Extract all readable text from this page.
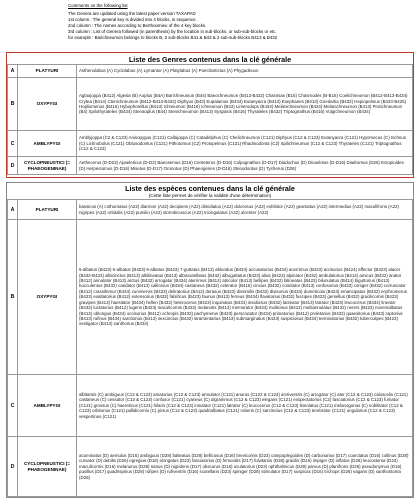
Comments on the following list
The Genera are updated using the latest paper version TAXAPAD
1st column : The general key is divided into 4 blocks, in sequence.
2nd column : The names according to Berthoumieu of the 4 key blocks.
3rd column : List of Genera followed (in parenthesis) by the location in sub-blocks, or sub-sub-blocks or etc.
for example : Barichneumon belongs to blocks B, 2 sub-blocks B41 & B43 & 2 sub-sub-blocks B413 & B432
Liste des Genres contenus dans la clé générale
A	PLATYURI	Asthenolabus (A) Cyclolabus (A) Lymantor (A) Platylabus (A) Poecilostictus (A) Phygadeuon
B	OXYPYGI	Aglaojoppa (B412) Algesia (B) Aoplus (B4A) Barichneumon (B44) Baeochneumon (B413-B432) Chasmias (B16) Chasmodes (B-B16) Coelichneumon (B412-B413-B434) Crytea (B414) Ctenichneumon (B412-B413-B432) Diphyus (B43) Eupalamus (B434) Eutanyacra (B413) Exephanes (B413) Goedartia (B432) Hepiopelmus (B423-B425) Hoplismenus (B416) Hybophorellus (B413) Ichneumon (B416) Ichneumon (B43) Limerodops (B434) Melanichneumon (B424) Melanichneumon (B413) Protichneumon (B4) Spilothyrateles (B434) Stenaoplus (B44) Stenichneumon (B413) Syspasis (B416) Thyrateles (B432) Triptognathus (B416) Vulgichneumon (B434)
C	AMBLYPYGI	Amblyjoppa (C2 & C123) Anisopygus (C121) Callajoppa (C) Catadelphus (C) Chelichneumon (C121) Diphyus (C12 & C123) Eutanyacra (C121) Hypomecus (C) Ischnus (C) Lichnobolus (C121) Obtusodontus (C121) Pithotomus (C2) Protopelmus (C121) Rhadinodonta (C2) Spilichneumon (C12 & C123) Thyrateles (C121) Triptognathus (C12 & C123)
D	CYCLOPNEUSTICI (= PHAEOGENINAE)	Aethecerus (D-D23) Apaeleticus (D-D2) Baeosemus (D16) Centeterus (D-D16) Colpognathus (D-D17) Diadochus (D) Dicaelotus (D-D16) Diadromus (D26) Ectopioides (D) Herpestomus (D-D16) Misetus (D-D17) Oronotus (D) Phaeogenes (D-D16) Stenodontus (D) Tycherus (D28)
Liste des espèces contenues dans la clé générale
(Cette liste permet de vérifier la validité d'une détermination)
A	PLATYURI	bassicus (A) cothurnatus (A22) diarmon (A22) decipiens (A22) dimidiatus (A22) dolorosus (A22) exhibitor (A22) geamatus (A22) intermedius (A22) maculifrons (A22) nigripes (A22) orbitalis (A22) pumilio (A22) stormbicuscus (A22) tricingulatus (A22) ulcenter (A22)
B	OXYPYGI	5-albatus (B423) 6-albatus (B423) 6-albatus (B423) 7-guttatus (B413) ablundus (B434) accusatorius (B434) acerrimus (B423) acrisorius (B424) affector (B423) alacer (B432-B433) albicinctus (B413) albilineatus (B413) albiscutellatus (B432) alboguttatus (B423) alius (B423) alpinator (B432) ambulatorius (B414) amicus (B432) anator (B412) annulator (B413) arctus (B432) arrogator (B434) aterrimus (B412) atricolor (B413) bellipes (B432) bilineatus (B423) bilunulatus (B414) biguttorius (B413) bucculentus (B432) caedator (B413) callicerus (B434) castaneus (B432) celerator (B416) cinxius (B432) comitator (B413) confusorius (B423) coniger (B432) corruscator (B412) crassifemur (B434) curvinervis (B423) deliratorius (B412) derasus (B423) dissimilis (B432) divisorius (B434) dumeticola (B423) emancipatus (B432) erythromerus (B423) exaltatorius (B412) extensorius (B432) falsificus (B423) faunus (B413) ferreus (B434) flavatorius (B432) fuscipes (B423) gemellus (B432) gracilicornis (B423) gravipes (B413) haesitator (B434) helleri (B432) heterocerus (B423) inquinatus (B434) insidiosus (B432) lacteator (B413) latrator (B423) leucocerus (B434) lineator (B432) luctatorius (B412) lugens (B423) maculicornis (B432) melanotis (B413) memorator (B434) molitorius (B412) multiannulatus (B432) nereni (B423) novemalbatus (B413) oblongus (B434) occisorius (B412) ochropis (B432) pachymerus (B423) perscrutator (B434) primatorius (B412) proletarius (B432) quaesitorius (B423) raptorius (B413) rufinus (B434) sarcitorius (B412) sexcinctus (B432) stramentarius (B413) submarginatus (B423) suspiciosus (B434) terminatorius (B432) tuberculipes (B423) vestigator (B413) xanthorius (B434)
C	AMBLYPYGI	albitarsis (C) ambiguus (C12 & C123) amatorius (C12 & C123) annulator (C121) anurus (C122 & C123) arctiventris (C) arrogator (C) ater (C12 & C123) caloscelis (C121) castaneus (C) cessator (C12 & C123) confusor (C121) cyaneus (C) digrammus (C12 & C123) elegans (C121) exspectatorius (C2) fasciatorius (C12 & C123) fumator (C121) grossus (C) haereticus (C121) hilaris (C12 & C123) insulator (C121) latrator (C) leucocerus (C12 & C123) lineolatus (C121) melanogonus (C) nobilitator (C12 & C123) orbitorius (C121) pallidicornis (C) pictus (C12 & C123) quadrialbatus (C121) rubens (C) sarcitorius (C12 & C123) terebrator (C121) ungularius (C12 & C123) vespertinus (C121)
D	CYCLOPNEUSTICI (= PHAEOGENINAE)	acuminatus (D) aemulus (D16) ambiguus (D28) balteatus (D28) bellicosus (D16) brevicornis (D23) campoplegoides (D) carbonarius (D17) coarctatus (D16) collinus (D28) curvator (D) debilis (D26) egregius (D16) elongatus (D23) fasciatorius (D) femoralis (D17) fulvitarsis (D28) gracilis (D16) impiger (D) inflatus (D26) leucostoma (D23) maculicornis (D16) melanurus (D28) nanus (D) nigridens (D17) obscurus (D16) oculatorius (D23) ophthalmicus (D28) parvus (D) planifrons (D26) pseudonymus (D16) pusillus (D17) quadrispinus (D28) rufipes (D) rufiventris (D16) scutellaris (D23) spiniger (D28) stimulator (D17) suspicax (D16) trichops (D26) vagans (D) xanthostoma (D28)
